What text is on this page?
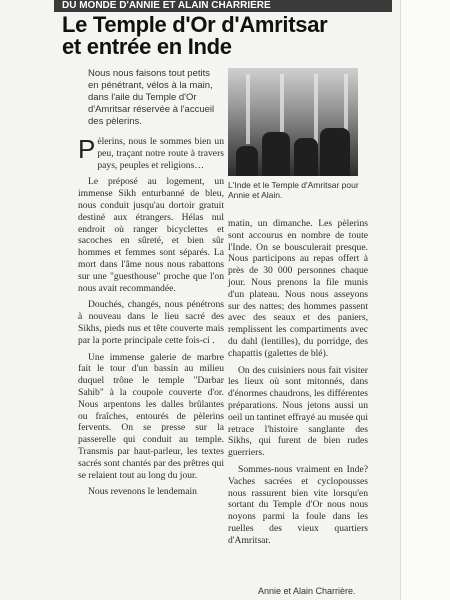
DU MONDE D'ANNIE ET ALAIN CHARRIÈRE
Le Temple d'Or d'Amritsar
et entrée en Inde
Nous nous faisons tout petits en pénétrant, vélos à la main, dans l'aile du Temple d'Or d'Amritsar réservée à l'accueil des pèlerins.
L'Inde et le Temple d'Amritsar pour Annie et Alain.

Pèlerins, nous le sommes bien un peu, traçant notre route à travers pays, peuples et religions…

Le préposé au logement, un immense Sikh enturbanné de bleu, nous conduit jusqu'au dortoir gratuit destiné aux étrangers. Hélas nul endroit où ranger bicyclettes et sacoches en sûreté, et bien sûr hommes et femmes sont séparés. La mort dans l'âme nous nous rabattons sur une "guesthouse" proche que l'on nous avait recommandée.

Douchés, changés, nous pénétrons à nouveau dans le lieu sacré des Sikhs, pieds nus et tête couverte mais par la porte principale cette fois-ci .

Une immense galerie de marbre fait le tour d'un bassin au milieu duquel trône le temple "Darbar Sahib" à la coupole couverte d'or. Nous arpentons les dalles brûlantes ou fraîches, entourés de pèlerins fervents. On se presse sur la passerelle qui conduit au temple. Transmis par haut-parleur, les textes sacrés sont chantés par des prêtres qui se relaient tout au long du jour.

Nous revenons le lendemain

matin, un dimanche. Les pèlerins sont accourus en nombre de toute l'Inde. On se bousculerait presque. Nous participons au repas offert à près de 30 000 personnes chaque jour. Nous prenons la file munis d'un plateau. Nous nous asseyons sur des nattes; des hommes passent avec des seaux et des paniers, remplissent les compartiments avec du dahl (lentilles), du porridge, des chapattis (galettes de blé).

On des cuisiniers nous fait visiter les lieux où sont mitonnés, dans d'énormes chaudrons, les différentes préparations. Nous jetons aussi un oeil un tantinet effrayé au musée qui retrace l'histoire sanglante des Sikhs, qui furent de bien rudes guerriers.

Sommes-nous vraiment en Inde? Vaches sacrées et cyclopousses nous rassurent bien vite lorsqu'en sortant du Temple d'Or nous nous noyons parmi la foule dans les ruelles des vieux quartiers d'Amritsar.

Annie et Alain Charrière.
